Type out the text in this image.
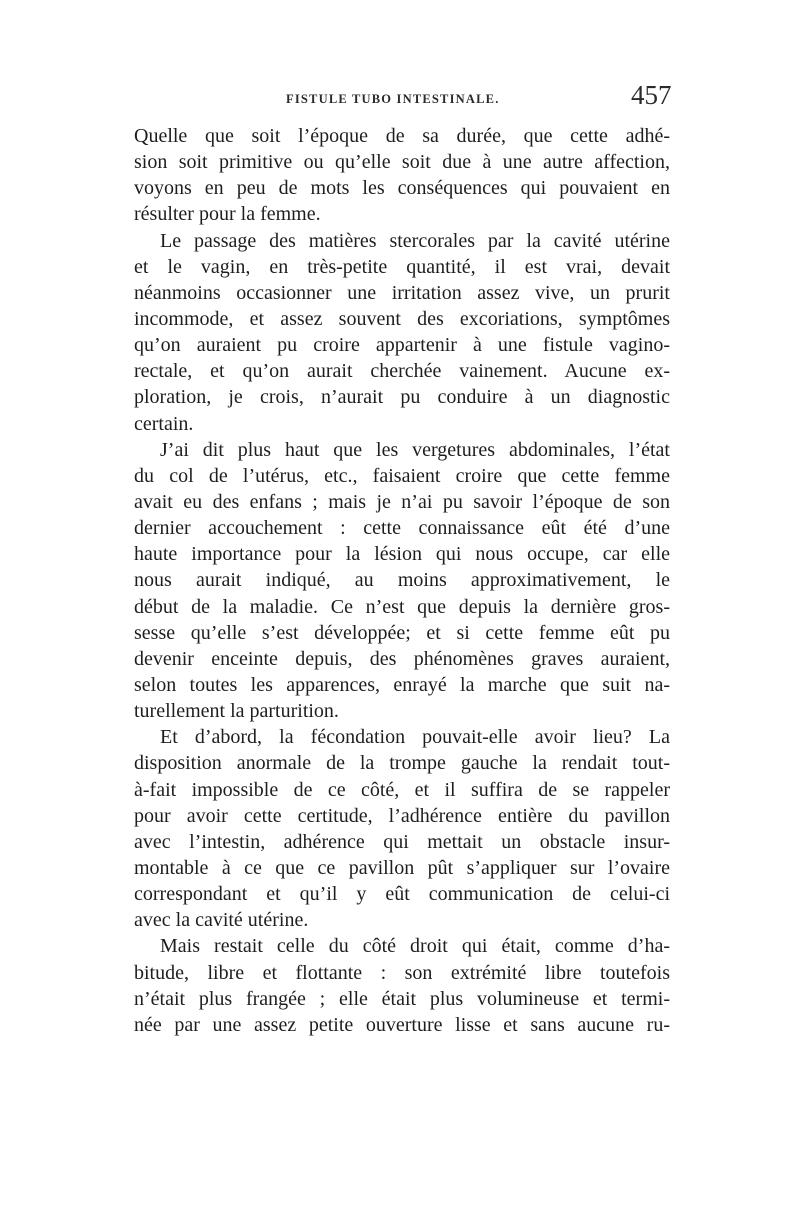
FISTULE TUBO INTESTINALE.	457
Quelle que soit l’époque de sa durée, que cette adhé-
sion soit primitive ou qu’elle soit due à une autre affection,
voyons en peu de mots les conséquences qui pouvaient en
résulter pour la femme.
Le passage des matières stercorales par la cavité utérine
et le vagin, en très-petite quantité, il est vrai, devait
néanmoins occasionner une irritation assez vive, un prurit
incommode, et assez souvent des excoriations, symptômes
qu’on auraient pu croire appartenir à une fistule vagino-
rectale, et qu’on aurait cherchée vainement. Aucune ex-
ploration, je crois, n’aurait pu conduire à un diagnostic
certain.
J’ai dit plus haut que les vergetures abdominales, l’état
du col de l’utérus, etc., faisaient croire que cette femme
avait eu des enfans ; mais je n’ai pu savoir l’époque de son
dernier accouchement : cette connaissance eût été d’une
haute importance pour la lésion qui nous occupe, car elle
nous aurait indiqué, au moins approximativement, le
début de la maladie. Ce n’est que depuis la dernière gros-
sesse qu’elle s’est développée; et si cette femme eût pu
devenir enceinte depuis, des phénomènes graves auraient,
selon toutes les apparences, enrayé la marche que suit na-
turellement la parturition.
Et d’abord, la fécondation pouvait-elle avoir lieu? La
disposition anormale de la trompe gauche la rendait tout-
à-fait impossible de ce côté, et il suffira de se rappeler
pour avoir cette certitude, l’adhérence entière du pavillon
avec l’intestin, adhérence qui mettait un obstacle insur-
montable à ce que ce pavillon pût s’appliquer sur l’ovaire
correspondant et qu’il y eût communication de celui-ci
avec la cavité utérine.
Mais restait celle du côté droit qui était, comme d’ha-
bitude, libre et flottante : son extrémité libre toutefois
n’était plus frangée ; elle était plus volumineuse et termi-
née par une assez petite ouverture lisse et sans aucune ru-
